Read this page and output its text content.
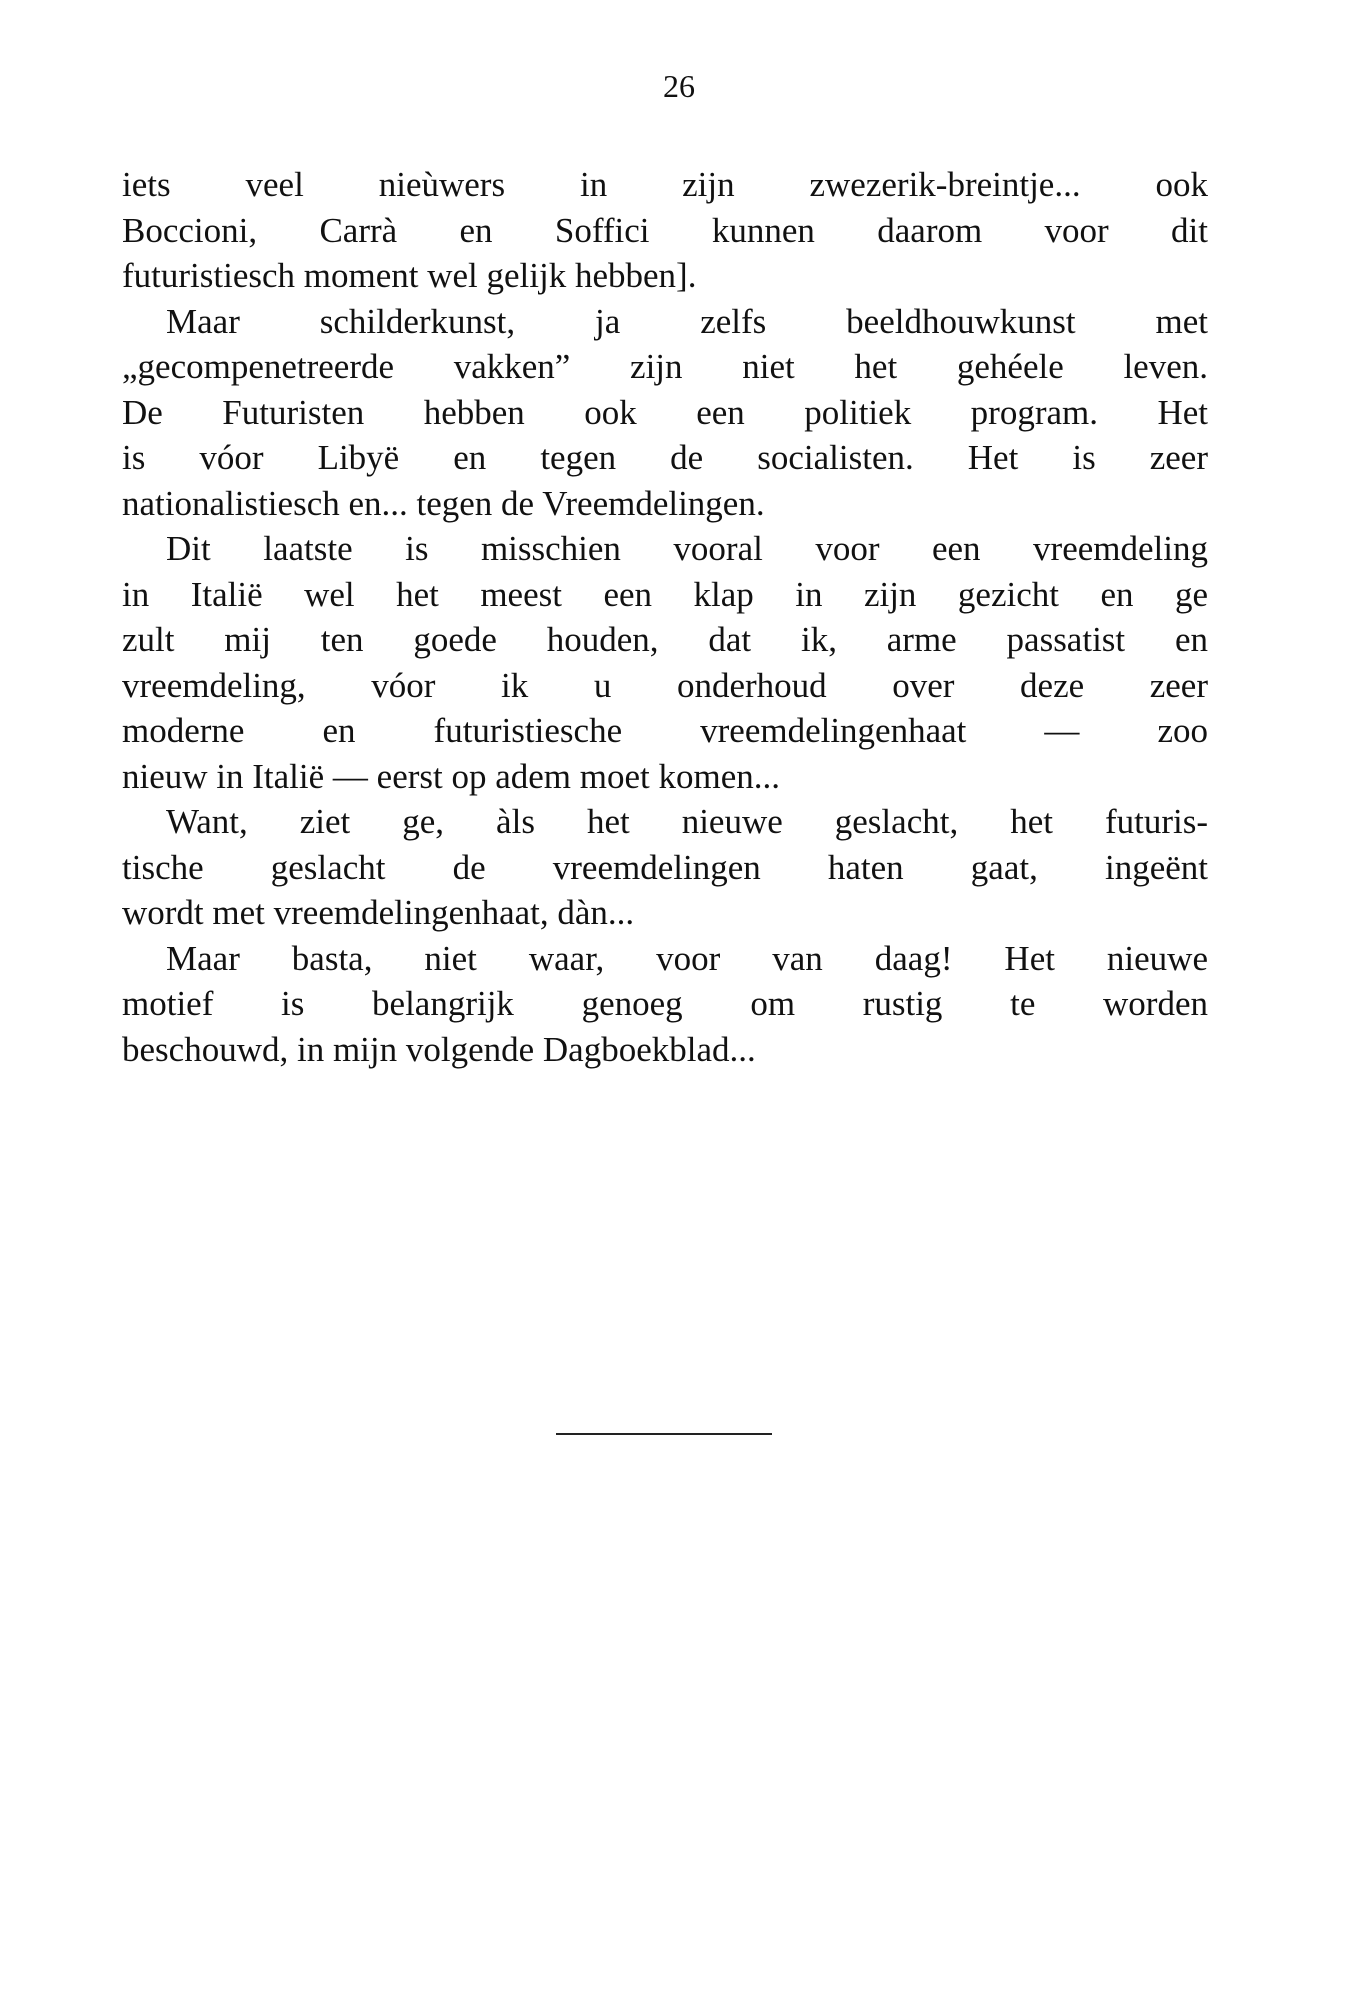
26
iets veel nieùwers in zijn zwezerik-breintje... ook
Boccioni, Carrà en Soffici kunnen daarom voor dit
futuristiesch moment wel gelijk hebben].
Maar schilderkunst, ja zelfs beeldhouwkunst met
„gecompenetreerde vakken” zijn niet het gehéele leven.
De Futuristen hebben ook een politiek program. Het
is vóor Libyë en tegen de socialisten. Het is zeer
nationalistiesch en... tegen de Vreemdelingen.
Dit laatste is misschien vooral voor een vreemdeling
in Italië wel het meest een klap in zijn gezicht en ge
zult mij ten goede houden, dat ik, arme passatist en
vreemdeling, vóor ik u onderhoud over deze zeer
moderne en futuristiesche vreemdelingenhaat — zoo
nieuw in Italië — eerst op adem moet komen...
Want, ziet ge, àls het nieuwe geslacht, het futuris-
tische geslacht de vreemdelingen haten gaat, ingeënt
wordt met vreemdelingenhaat, dàn...
Maar basta, niet waar, voor van daag! Het nieuwe
motief is belangrijk genoeg om rustig te worden
beschouwd, in mijn volgende Dagboekblad...
